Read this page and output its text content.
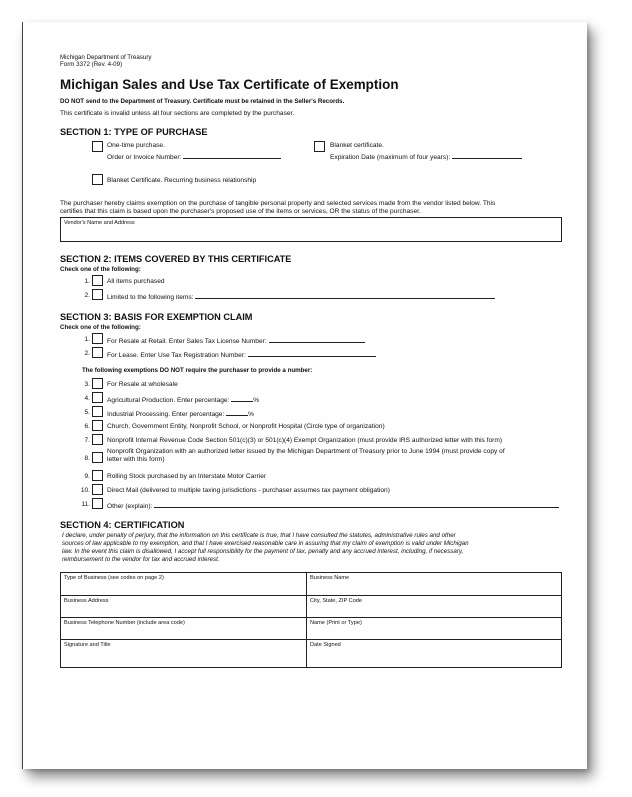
Michigan Department of Treasury
Form 3372 (Rev. 4-09)
Michigan Sales and Use Tax Certificate of Exemption
DO NOT send to the Department of Treasury. Certificate must be retained in the Seller's Records.
This certificate is invalid unless all four sections are completed by the purchaser.
SECTION 1: TYPE OF PURCHASE
One-time purchase.
Order or Invoice Number:
Blanket certificate.
Expiration Date (maximum of four years):
Blanket Certificate. Recurring business relationship
The purchaser hereby claims exemption on the purchase of tangible personal property and selected services made from the vendor listed below. This
certifies that this claim is based upon the purchaser's proposed use of the items or services, OR the status of the purchaser.
Vendor's Name and Address
SECTION 2: ITEMS COVERED BY THIS CERTIFICATE
Check one of the following:
1.	All items purchased
2.	Limited to the following items:
SECTION 3: BASIS FOR EXEMPTION CLAIM
Check one of the following:
1.	For Resale at Retail. Enter Sales Tax License Number:
2.	For Lease. Enter Use Tax Registration Number:
The following exemptions DO NOT require the purchaser to provide a number:
3.	For Resale at wholesale
4.	Agricultural Production. Enter percentage:	%
5.	Industrial Processing. Enter percentage:	%
6.	Church, Government Entity, Nonprofit School, or Nonprofit Hospital (Circle type of organization)
7.	Nonprofit Internal Revenue Code Section 501(c)(3) or 501(c)(4) Exempt Organization (must provide IRS authorized letter with this form)
8.
Nonprofit Organization with an authorized letter issued by the Michigan Department of Treasury prior to June 1994 (must provide copy of
letter with this form)
9.	Rolling Stock purchased by an Interstate Motor Carrier
10.	Direct Mail (delivered to multiple taxing jurisdictions - purchaser assumes tax payment obligation)
11.	Other (explain):
SECTION 4: CERTIFICATION
I declare, under penalty of perjury, that the information on this certificate is true, that I have consulted the statutes, administrative rules and other
sources of law applicable to my exemption, and that I have exercised reasonable care in assuring that my claim of exemption is valid under Michigan
law. In the event this claim is disallowed, I accept full responsibility for the payment of tax, penalty and any accrued interest, including, if necessary,
reimbursement to the vendor for tax and accrued interest.
Type of Business (see codes on page 2)	Business Name
Business Address	City, State, ZIP Code
Business Telephone Number (include area code)	Name (Print or Type)
Signature and Title	Date Signed
